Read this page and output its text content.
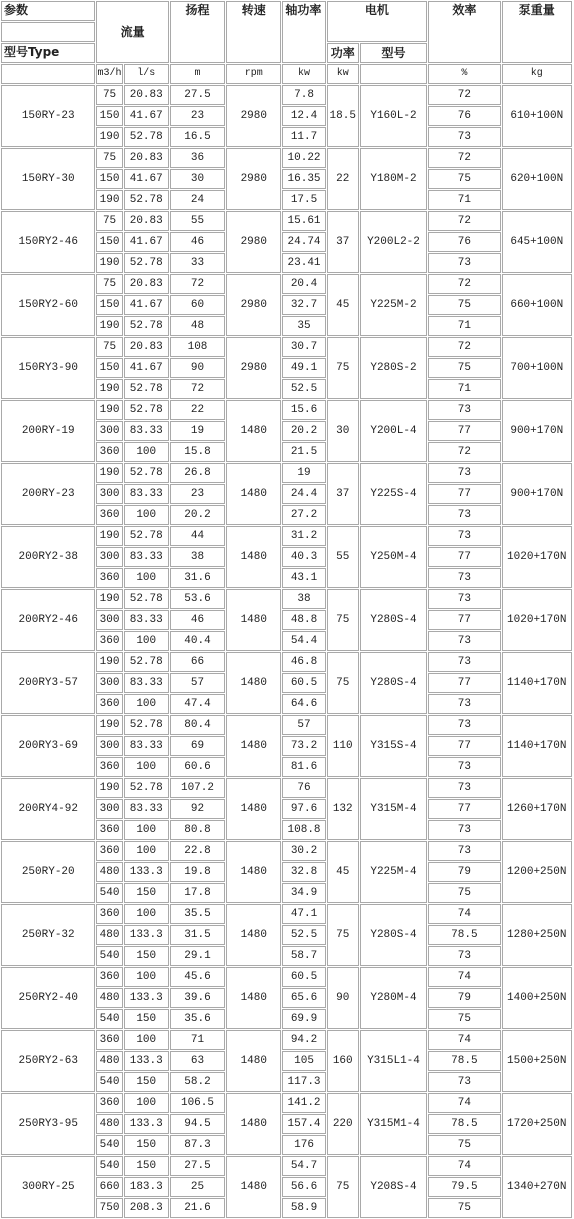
参数	流量		扬程	转速	轴功率	电机		效率	泵重量

型号Type						功率	型号		
	m3/h	l/s	m	rpm	kw	kw		%	kg
150RY-23	75	20.83	27.5	2980	7.8	18.5	Y160L-2	72	610+100N
	150	41.67	23		12.4			76	
	190	52.78	16.5		11.7			73	
150RY-30	75	20.83	36	2980	10.22	22	Y180M-2	72	620+100N
	150	41.67	30		16.35			75	
	190	52.78	24		17.5			71	
150RY2-46	75	20.83	55	2980	15.61	37	Y200L2-2	72	645+100N
	150	41.67	46		24.74			76	
	190	52.78	33		23.41			73	
150RY2-60	75	20.83	72	2980	20.4	45	Y225M-2	72	660+100N
	150	41.67	60		32.7			75	
	190	52.78	48		35			71	
150RY3-90	75	20.83	108	2980	30.7	75	Y280S-2	72	700+100N
	150	41.67	90		49.1			75	
	190	52.78	72		52.5			71	
200RY-19	190	52.78	22	1480	15.6	30	Y200L-4	73	900+170N
	300	83.33	19		20.2			77	
	360	100	15.8		21.5			72	
200RY-23	190	52.78	26.8	1480	19	37	Y225S-4	73	900+170N
	300	83.33	23		24.4			77	
	360	100	20.2		27.2			73	
200RY2-38	190	52.78	44	1480	31.2	55	Y250M-4	73	1020+170N
	300	83.33	38		40.3			77	
	360	100	31.6		43.1			73	
200RY2-46	190	52.78	53.6	1480	38	75	Y280S-4	73	1020+170N
	300	83.33	46		48.8			77	
	360	100	40.4		54.4			73	
200RY3-57	190	52.78	66	1480	46.8	75	Y280S-4	73	1140+170N
	300	83.33	57		60.5			77	
	360	100	47.4		64.6			73	
200RY3-69	190	52.78	80.4	1480	57	110	Y315S-4	73	1140+170N
	300	83.33	69		73.2			77	
	360	100	60.6		81.6			73	
200RY4-92	190	52.78	107.2	1480	76	132	Y315M-4	73	1260+170N
	300	83.33	92		97.6			77	
	360	100	80.8		108.8			73	
250RY-20	360	100	22.8	1480	30.2	45	Y225M-4	73	1200+250N
	480	133.3	19.8		32.8			79	
	540	150	17.8		34.9			75	
250RY-32	360	100	35.5	1480	47.1	75	Y280S-4	74	1280+250N
	480	133.3	31.5		52.5			78.5	
	540	150	29.1		58.7			73	
250RY2-40	360	100	45.6	1480	60.5	90	Y280M-4	74	1400+250N
	480	133.3	39.6		65.6			79	
	540	150	35.6		69.9			75	
250RY2-63	360	100	71	1480	94.2	160	Y315L1-4	74	1500+250N
	480	133.3	63		105			78.5	
	540	150	58.2		117.3			73	
250RY3-95	360	100	106.5	1480	141.2	220	Y315M1-4	74	1720+250N
	480	133.3	94.5		157.4			78.5	
	540	150	87.3		176			75	
300RY-25	540	150	27.5	1480	54.7	75	Y208S-4	74	1340+270N
	660	183.3	25		56.6			79.5	
	750	208.3	21.6		58.9			75	
